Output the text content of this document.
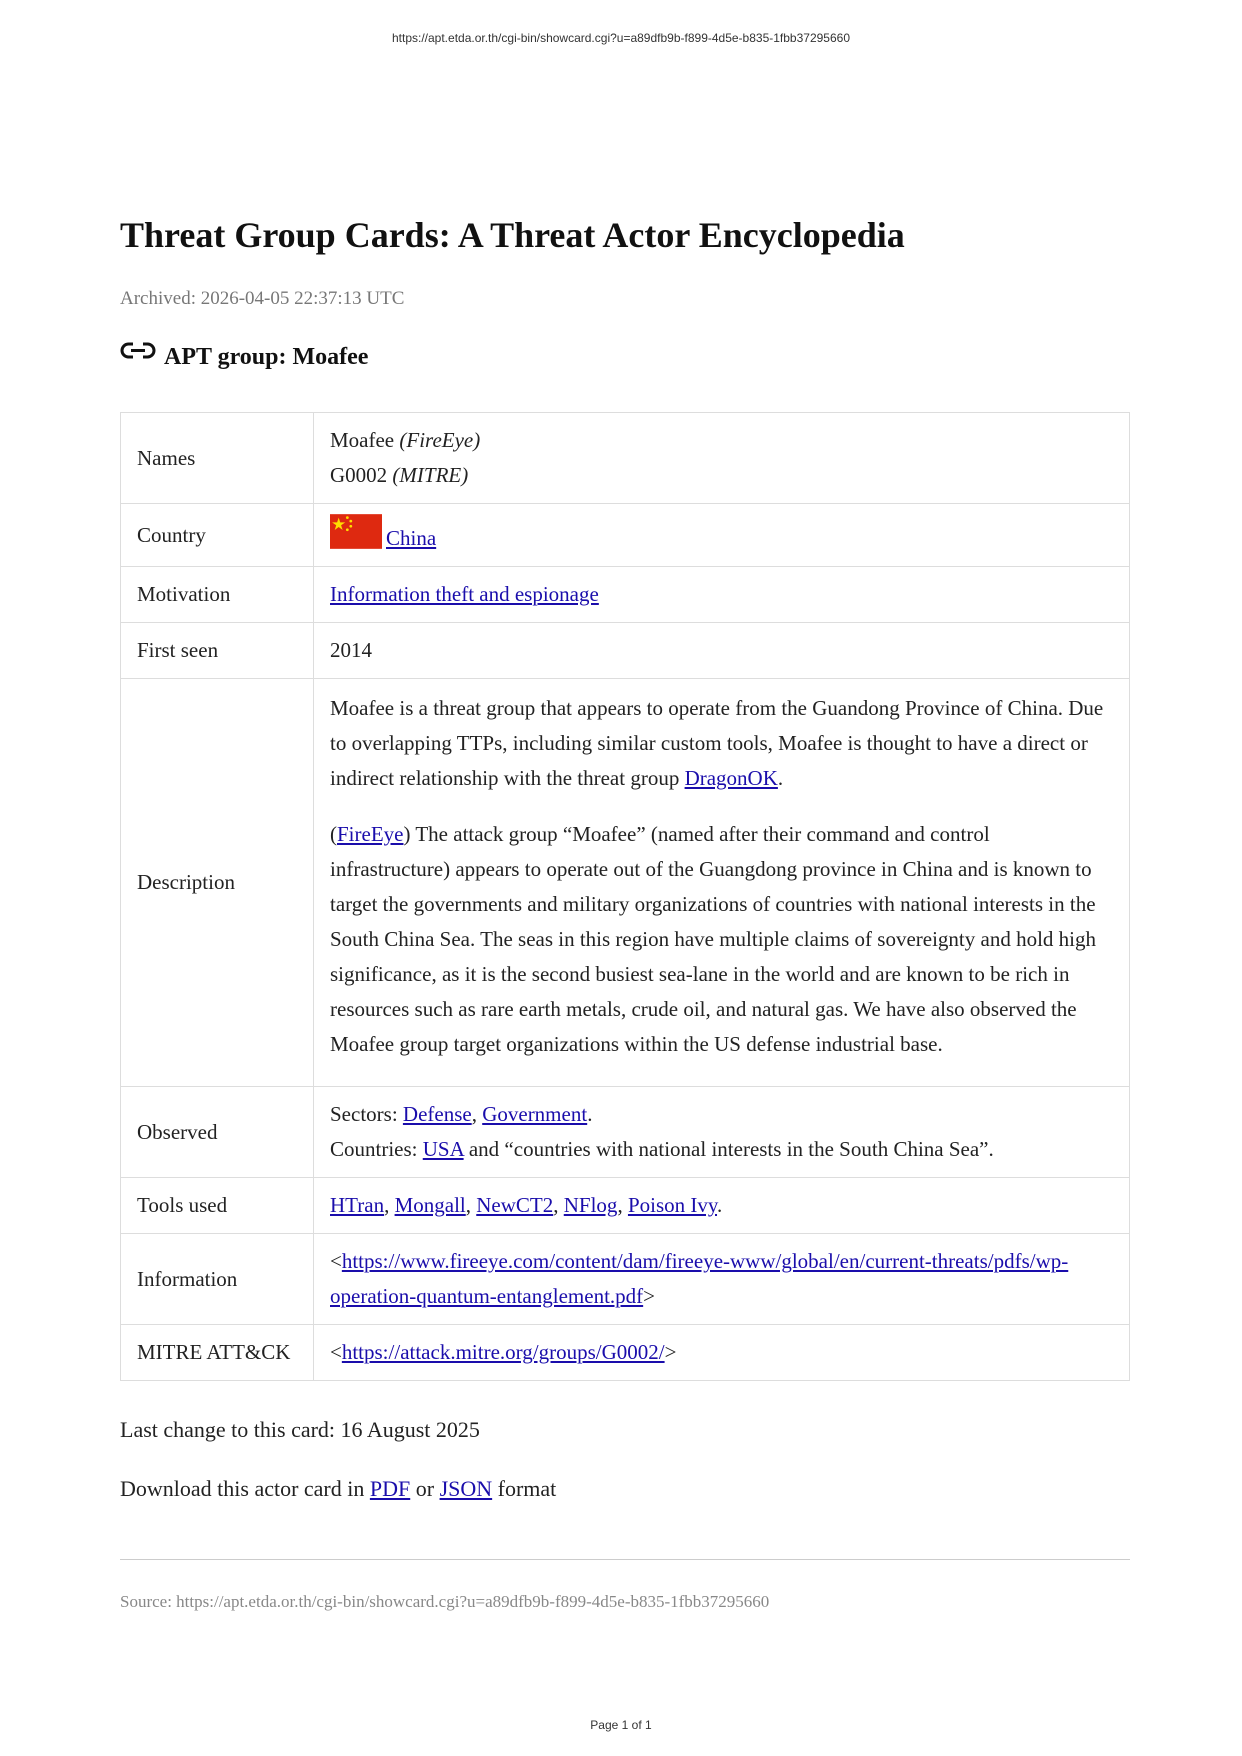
https://apt.etda.or.th/cgi-bin/showcard.cgi?u=a89dfb9b-f899-4d5e-b835-1fbb37295660
Threat Group Cards: A Threat Actor Encyclopedia
Archived: 2026-04-05 22:37:13 UTC
APT group: Moafee
Names	Moafee (FireEye)
G0002 (MITRE)

Country	China
Motivation	Information theft and espionage
First seen	2014
Description	Moafee is a threat group that appears to operate from the Guandong Province of China. Due to overlapping TTPs, including similar custom tools, Moafee is thought to have a direct or indirect relationship with the threat group DragonOK.

(FireEye) The attack group “Moafee” (named after their command and control infrastructure) appears to operate out of the Guangdong province in China and is known to target the governments and military organizations of countries with national interests in the South China Sea. The seas in this region have multiple claims of sovereignty and hold high significance, as it is the second busiest sea-lane in the world and are known to be rich in resources such as rare earth metals, crude oil, and natural gas. We have also observed the Moafee group target organizations within the US defense industrial base.

Observed	Sectors: Defense, Government.
Countries: USA and “countries with national interests in the South China Sea”.

Tools used	HTran, Mongall, NewCT2, NFlog, Poison Ivy.
Information	<https://www.fireeye.com/content/dam/fireeye-www/global/en/current-threats/pdfs/wp-operation-quantum-entanglement.pdf>
MITRE ATT&CK	<https://attack.mitre.org/groups/G0002/>
Last change to this card: 16 August 2025
Download this actor card in PDF or JSON format
Source: https://apt.etda.or.th/cgi-bin/showcard.cgi?u=a89dfb9b-f899-4d5e-b835-1fbb37295660
Page 1 of 1
